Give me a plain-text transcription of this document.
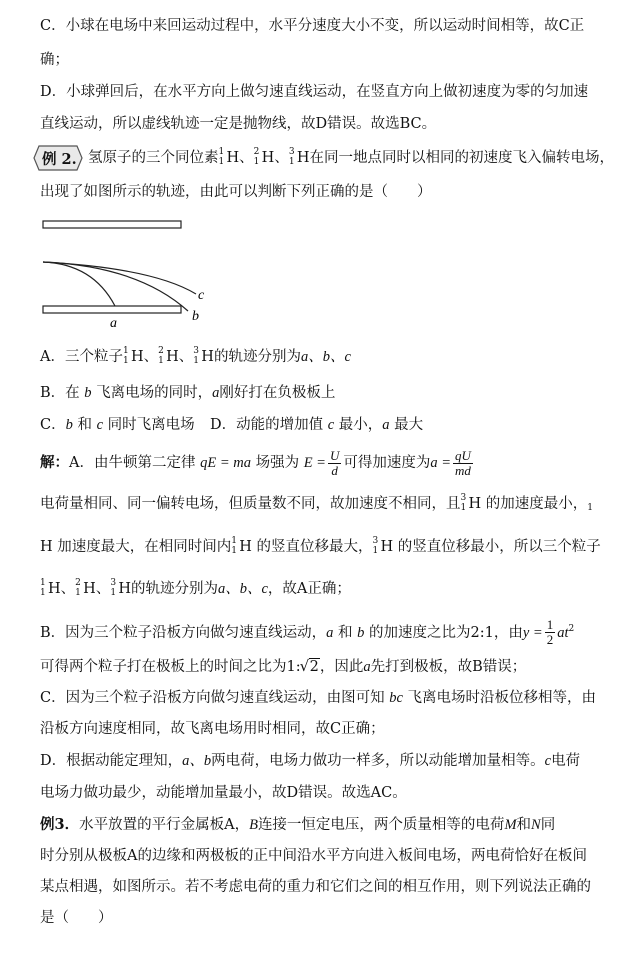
C．小球在电场中来回运动过程中，水平分速度大小不变，所以运动时间相等，故C正
确；
D．小球弹回后，在水平方向上做匀速直线运动，在竖直方向上做初速度为零的匀加速
直线运动，所以虚线轨迹一定是抛物线，故D错误。故选BC。
例 2. 氢原子的三个同位素 1
1 H、 2
1 H、 3
1 H在同一地点同时以相同的初速度飞入偏转电场，
出现了如图所示的轨迹，由此可以判断下列正确的是（　　）
a	b
c
A．三个粒子 1
1 H、 2
1 H、 3
1 H的轨迹分别为a、b、c
B．在 b 飞离电场的同时，a刚好打在负极板上
C．b 和 c 同时飞离电场 D．动能的增加值 c 最小，a 最大
解：A．由牛顿第二定律 qE = ma 场强为 $E = \frac{U}{d}$ 可得加速度为$a = \frac{qU}{md}$
电荷量相同、同一偏转电场，但质量数不同，故加速度不相同，且 3
1 H 的加速度最小， 1
H 加速度最大，在相同时间内 1
1 H 的竖直位移最大， 3
1 H 的竖直位移最小，所以三个粒子
1
1 H、 2
1 H、 3
1 H的轨迹分别为a、b、c，故A正确；
B．因为三个粒子沿板方向做匀速直线运动，a 和 b 的加速度之比为2:1，由$y = \frac{1}{2} at^2$
可得两个粒子打在极板上的时间之比为1:√ 2，因此a先打到极板，故B错误；
C．因为三个粒子沿板方向做匀速直线运动，由图可知 bc 飞离电场时沿板位移相等，由
沿板方向速度相同，故飞离电场用时相同，故C正确；
D．根据动能定理知，a、b两电荷，电场力做功一样多，所以动能增加量相等。c电荷
电场力做功最少，动能增加量最小，故D错误。故选AC。
例3．水平放置的平行金属板A，B连接一恒定电压，两个质量相等的电荷M和N同
时分别从极板A的边缘和两极板的正中间沿水平方向进入板间电场，两电荷恰好在板间
某点相遇，如图所示。若不考虑电荷的重力和它们之间的相互作用，则下列说法正确的
是（　　）
